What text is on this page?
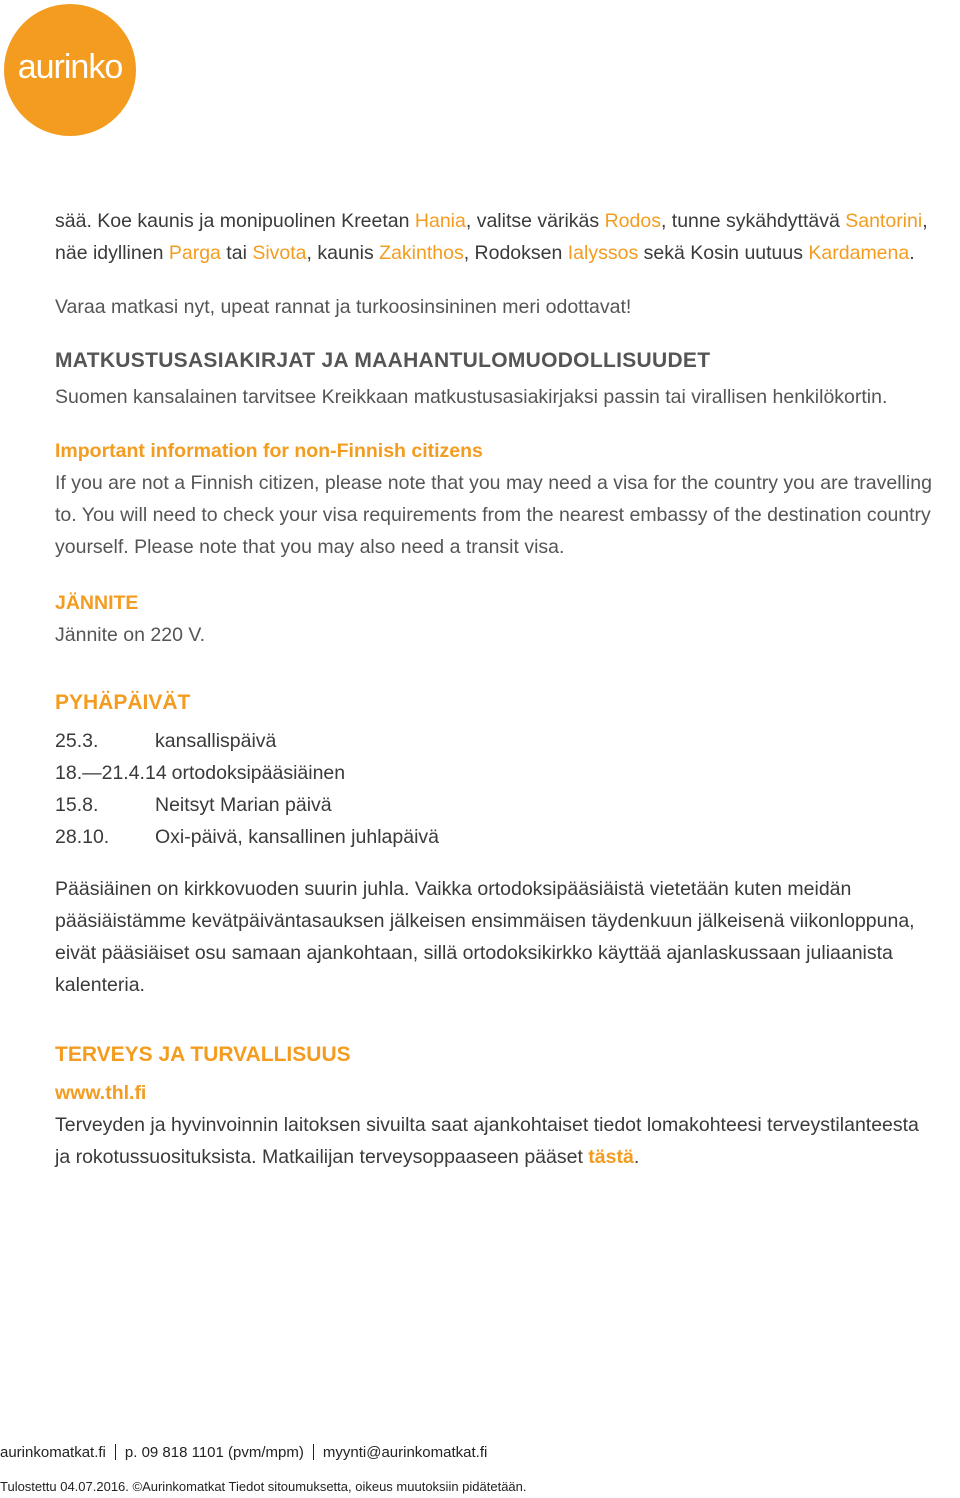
aurinko

sää. Koe kaunis ja monipuolinen Kreetan Hania, valitse värikäs Rodos, tunne sykähdyttävä Santorini, näe idyllinen Parga tai Sivota, kaunis Zakinthos, Rodoksen Ialyssos sekä Kosin uutuus Kardamena.

Varaa matkasi nyt, upeat rannat ja turkoosinsininen meri odottavat!

MATKUSTUSASIAKIRJAT JA MAAHANTULOMUODOLLISUUDET

Suomen kansalainen tarvitsee Kreikkaan matkustusasiakirjaksi passin tai virallisen henkilökortin.

Important information for non-Finnish citizens

If you are not a Finnish citizen, please note that you may need a visa for the country you are travelling to. You will need to check your visa requirements from the nearest embassy of the destination country yourself. Please note that you may also need a transit visa.

JÄNNITE

Jännite on 220 V.

PYHÄPÄIVÄT

25.3.	kansallispäivä
18.—21.4.14 ortodoksipääsiäinen
15.8.	Neitsyt Marian päivä
28.10.	Oxi-päivä, kansallinen juhlapäivä

Pääsiäinen on kirkkovuoden suurin juhla. Vaikka ortodoksipääsiäistä vietetään kuten meidän pääsiäistämme kevätpäiväntasauksen jälkeisen ensimmäisen täydenkuun jälkeisenä viikonloppuna, eivät pääsiäiset osu samaan ajankohtaan, sillä ortodoksikirkko käyttää ajanlaskussaan juliaanista kalenteria.

TERVEYS JA TURVALLISUUS

www.thl.fi

Terveyden ja hyvinvoinnin laitoksen sivuilta saat ajankohtaiset tiedot lomakohteesi terveystilanteesta ja rokotussuosituksista. Matkailijan terveysoppaaseen pääset tästä.

aurinkomatkat.fi p. 09 818 1101 (pvm/mpm) myynti@aurinkomatkat.fi
Tulostettu 04.07.2016. ©Aurinkomatkat Tiedot sitoumuksetta, oikeus muutoksiin pidätetään.
